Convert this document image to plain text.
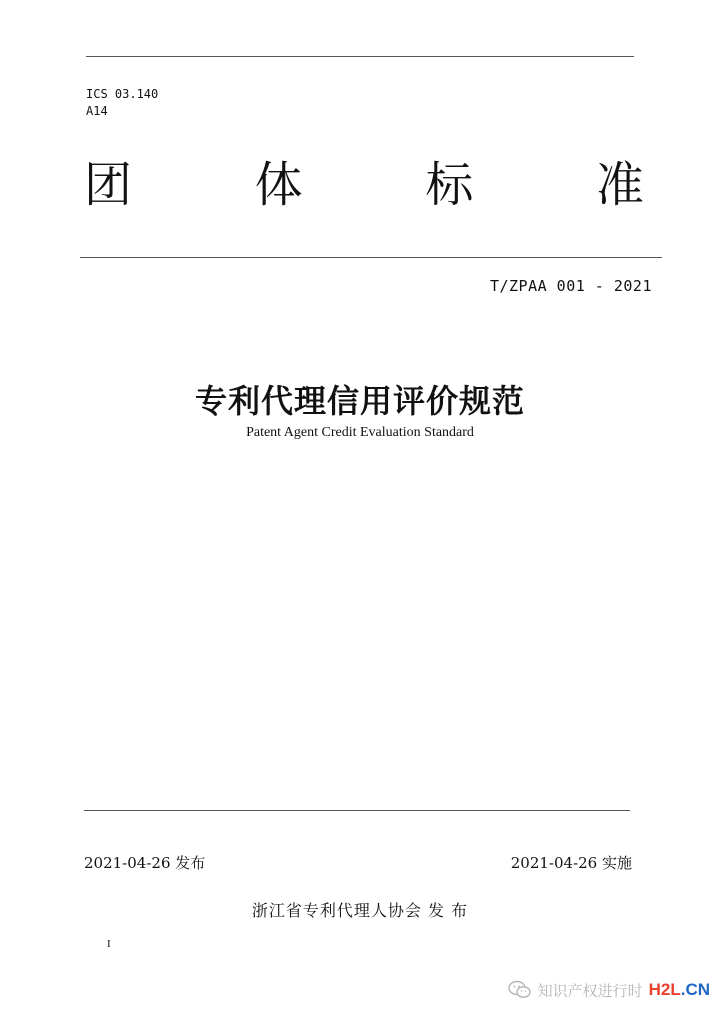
ICS 03.140
A14
团	体	标	准
T/ZPAA 001 - 2021
专利代理信用评价规范
Patent Agent Credit Evaluation Standard
2021-04-26 发布	2021-04-26 实施
浙江省专利代理人协会 发 布
I
知识产权进行时 H2L.CN
